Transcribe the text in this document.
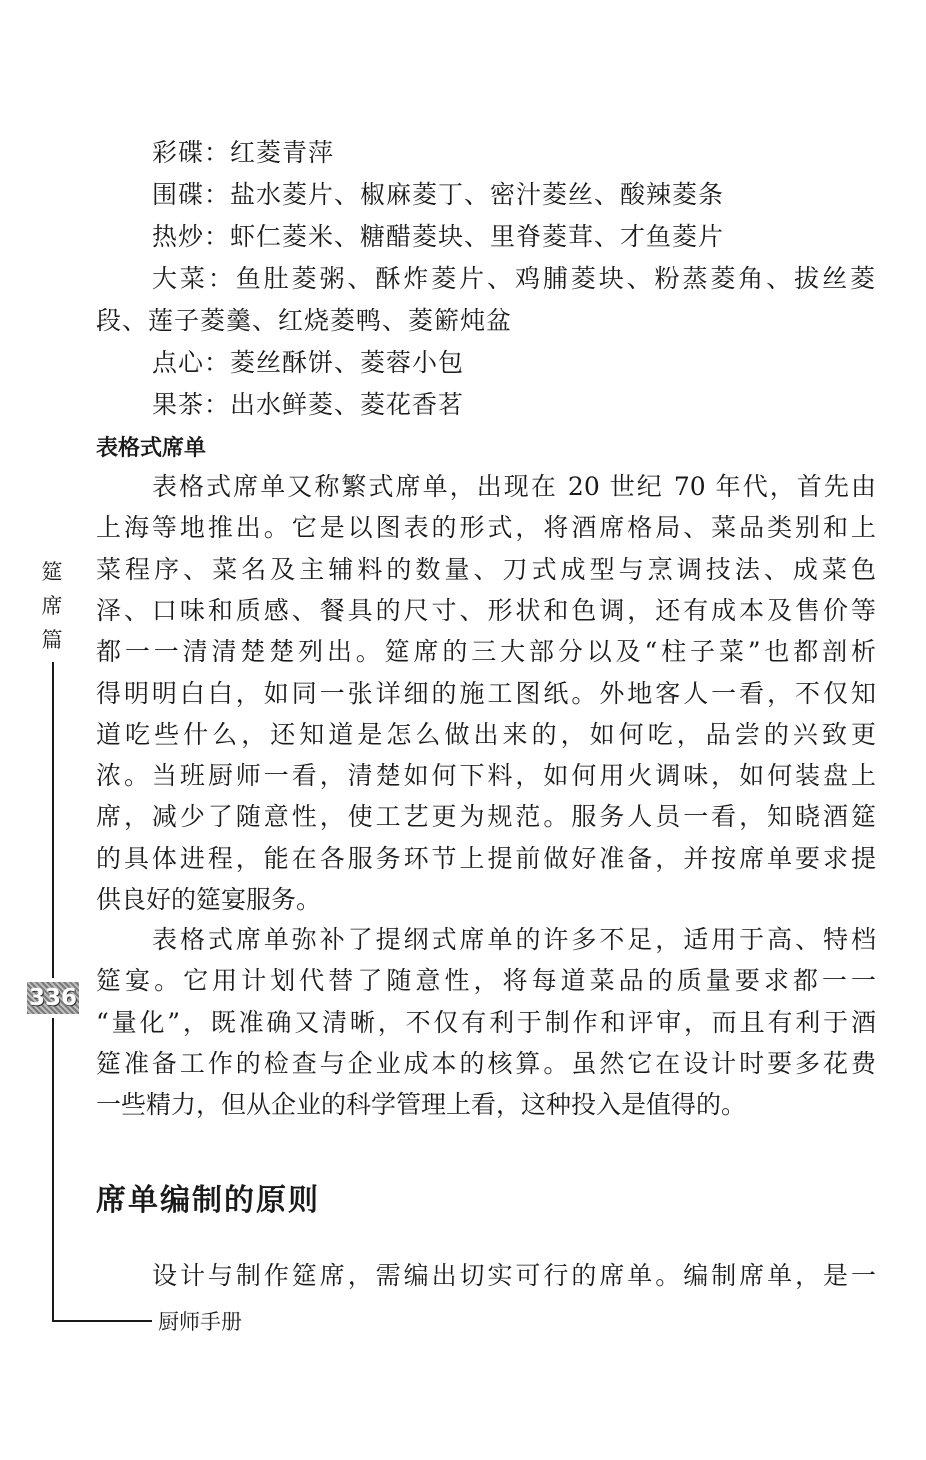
彩碟：红菱青萍
围碟：盐水菱片、椒麻菱丁、密汁菱丝、酸辣菱条
热炒：虾仁菱米、糖醋菱块、里脊菱茸、才鱼菱片
大菜：鱼肚菱粥、酥炸菱片、鸡脯菱块、粉蒸菱角、拔丝菱
段、莲子菱羹、红烧菱鸭、菱簖炖盆
点心：菱丝酥饼、菱蓉小包
果茶：出水鲜菱、菱花香茗
表格式席单
表格式席单又称繁式席单，出现在 20 世纪 70 年代，首先由
上海等地推出。它是以图表的形式，将酒席格局、菜品类别和上
菜程序、菜名及主辅料的数量、刀式成型与烹调技法、成菜色
泽、口味和质感、餐具的尺寸、形状和色调，还有成本及售价等
都一一清清楚楚列出。筵席的三大部分以及“柱子菜”也都剖析
得明明白白，如同一张详细的施工图纸。外地客人一看，不仅知
道吃些什么，还知道是怎么做出来的，如何吃，品尝的兴致更
浓。当班厨师一看，清楚如何下料，如何用火调味，如何装盘上
席，减少了随意性，使工艺更为规范。服务人员一看，知晓酒筵
的具体进程，能在各服务环节上提前做好准备，并按席单要求提
供良好的筵宴服务。
表格式席单弥补了提纲式席单的许多不足，适用于高、特档
筵宴。它用计划代替了随意性，将每道菜品的质量要求都一一
“量化”，既准确又清晰，不仅有利于制作和评审，而且有利于酒
筵准备工作的检查与企业成本的核算。虽然它在设计时要多花费
一些精力，但从企业的科学管理上看，这种投入是值得的。
席单编制的原则
设计与制作筵席，需编出切实可行的席单。编制席单，是一
筵
席
篇
336
厨师手册
